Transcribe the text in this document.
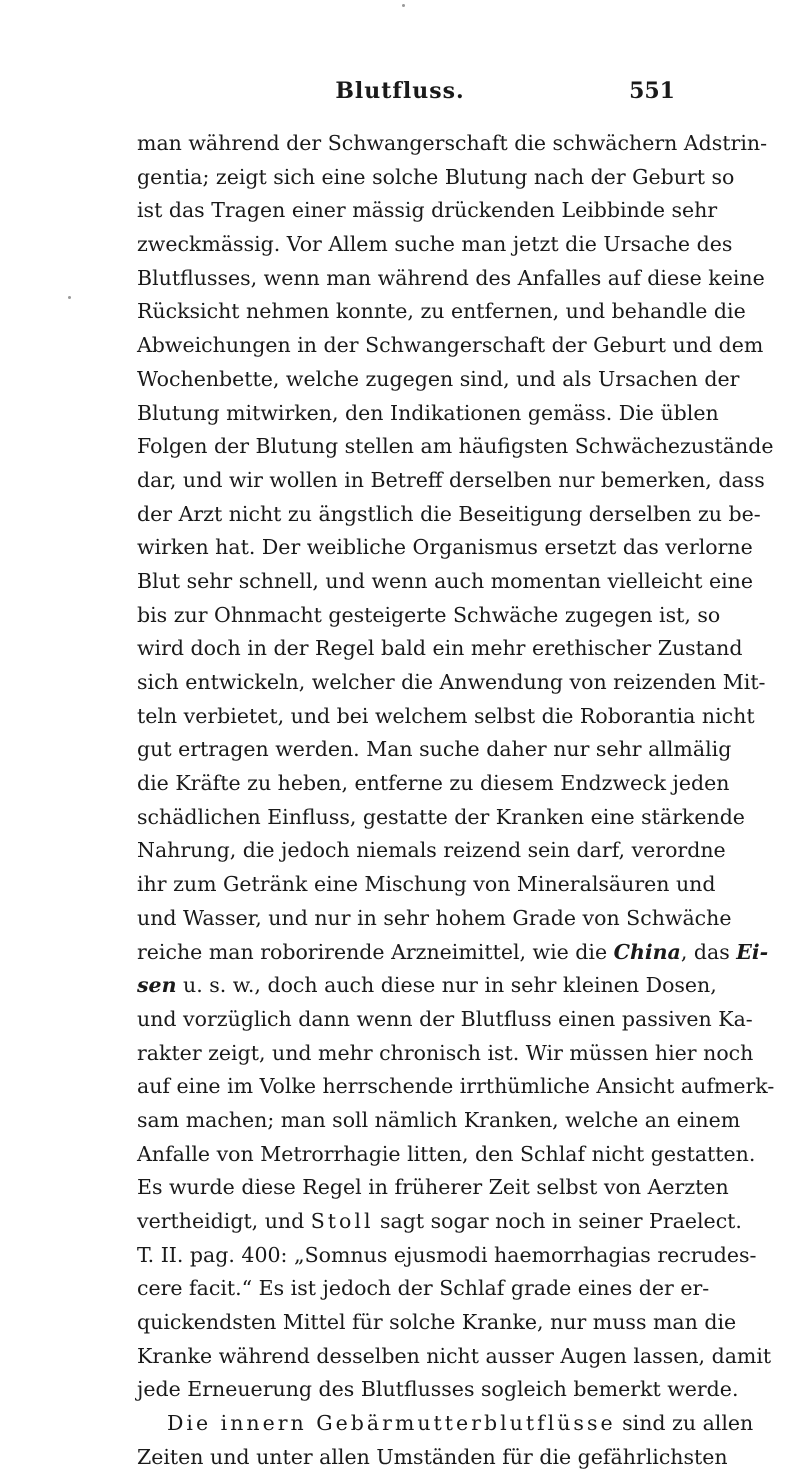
Blutfluss.	551
man während der Schwangerschaft die schwächern Adstrin-
gentia; zeigt sich eine solche Blutung nach der Geburt so
ist das Tragen einer mässig drückenden Leibbinde sehr
zweckmässig. Vor Allem suche man jetzt die Ursache des
Blutflusses, wenn man während des Anfalles auf diese keine
Rücksicht nehmen konnte, zu entfernen, und behandle die
Abweichungen in der Schwangerschaft der Geburt und dem
Wochenbette, welche zugegen sind, und als Ursachen der
Blutung mitwirken, den Indikationen gemäss. Die üblen
Folgen der Blutung stellen am häufigsten Schwächezustände
dar, und wir wollen in Betreff derselben nur bemerken, dass
der Arzt nicht zu ängstlich die Beseitigung derselben zu be-
wirken hat. Der weibliche Organismus ersetzt das verlorne
Blut sehr schnell, und wenn auch momentan vielleicht eine
bis zur Ohnmacht gesteigerte Schwäche zugegen ist, so
wird doch in der Regel bald ein mehr erethischer Zustand
sich entwickeln, welcher die Anwendung von reizenden Mit-
teln verbietet, und bei welchem selbst die Roborantia nicht
gut ertragen werden. Man suche daher nur sehr allmälig
die Kräfte zu heben, entferne zu diesem Endzweck jeden
schädlichen Einfluss, gestatte der Kranken eine stärkende
Nahrung, die jedoch niemals reizend sein darf, verordne
ihr zum Getränk eine Mischung von Mineralsäuren und
und Wasser, und nur in sehr hohem Grade von Schwäche
reiche man roborirende Arzneimittel, wie die China, das Ei-
sen u. s. w., doch auch diese nur in sehr kleinen Dosen,
und vorzüglich dann wenn der Blutfluss einen passiven Ka-
rakter zeigt, und mehr chronisch ist. Wir müssen hier noch
auf eine im Volke herrschende irrthümliche Ansicht aufmerk-
sam machen; man soll nämlich Kranken, welche an einem
Anfalle von Metrorrhagie litten, den Schlaf nicht gestatten.
Es wurde diese Regel in früherer Zeit selbst von Aerzten
vertheidigt, und Stoll sagt sogar noch in seiner Praelect.
T. II. pag. 400: „Somnus ejusmodi haemorrhagias recrudes-
cere facit.“ Es ist jedoch der Schlaf grade eines der er-
quickendsten Mittel für solche Kranke, nur muss man die
Kranke während desselben nicht ausser Augen lassen, damit
jede Erneuerung des Blutflusses sogleich bemerkt werde.
Die innern Gebärmutterblutflüsse sind zu allen
Zeiten und unter allen Umständen für die gefährlichsten
